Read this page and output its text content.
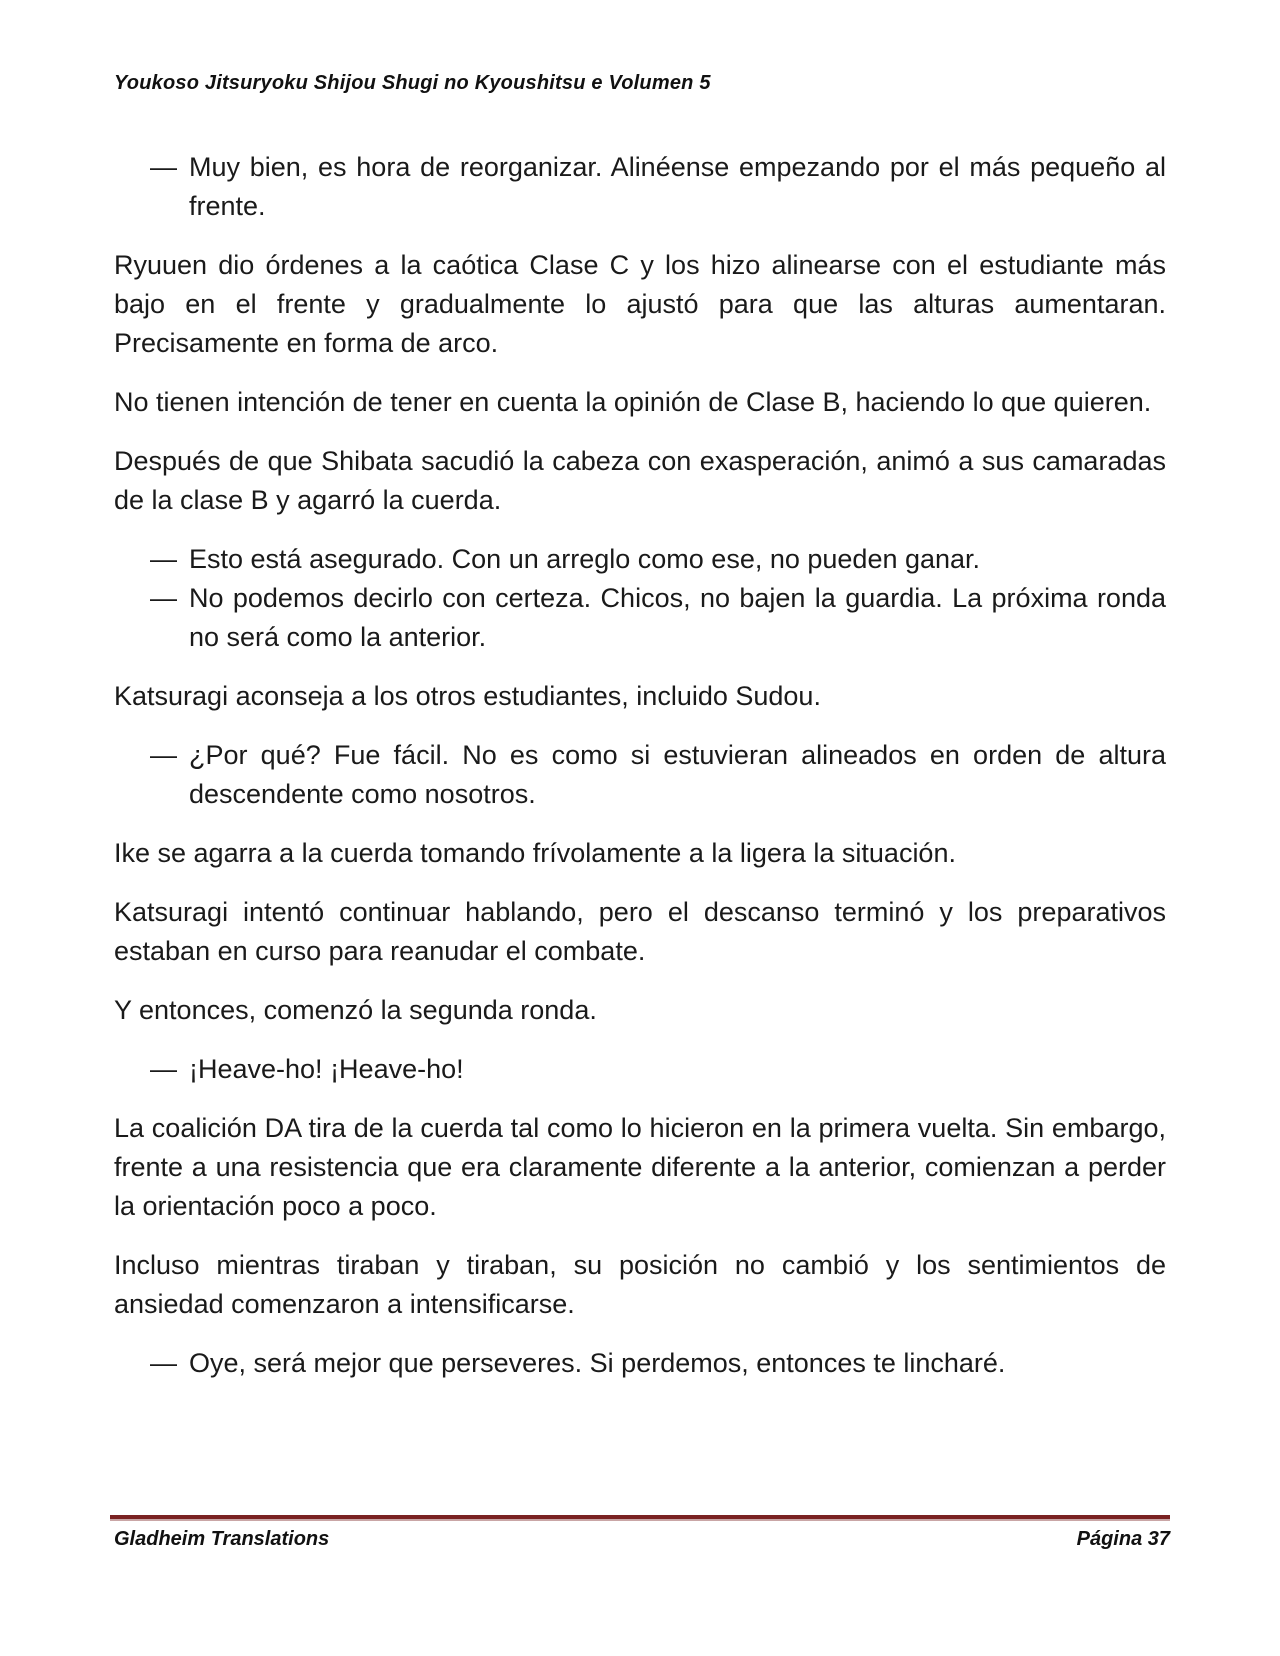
Youkoso Jitsuryoku Shijou Shugi no Kyoushitsu e Volumen 5

— Muy bien, es hora de reorganizar. Alinéense empezando por el más pequeño al frente.

Ryuuen dio órdenes a la caótica Clase C y los hizo alinearse con el estudiante más bajo en el frente y gradualmente lo ajustó para que las alturas aumentaran. Precisamente en forma de arco.

No tienen intención de tener en cuenta la opinión de Clase B, haciendo lo que quieren.

Después de que Shibata sacudió la cabeza con exasperación, animó a sus camaradas de la clase B y agarró la cuerda.

— Esto está asegurado. Con un arreglo como ese, no pueden ganar.

— No podemos decirlo con certeza. Chicos, no bajen la guardia. La próxima ronda no será como la anterior.

Katsuragi aconseja a los otros estudiantes, incluido Sudou.

— ¿Por qué? Fue fácil. No es como si estuvieran alineados en orden de altura descendente como nosotros.

Ike se agarra a la cuerda tomando frívolamente a la ligera la situación.

Katsuragi intentó continuar hablando, pero el descanso terminó y los preparativos estaban en curso para reanudar el combate.

Y entonces, comenzó la segunda ronda.

— ¡Heave-ho! ¡Heave-ho!

La coalición DA tira de la cuerda tal como lo hicieron en la primera vuelta. Sin embargo, frente a una resistencia que era claramente diferente a la anterior, comienzan a perder la orientación poco a poco.

Incluso mientras tiraban y tiraban, su posición no cambió y los sentimientos de ansiedad comenzaron a intensificarse.

— Oye, será mejor que perseveres. Si perdemos, entonces te lincharé.

Gladheim Translations	Página 37
